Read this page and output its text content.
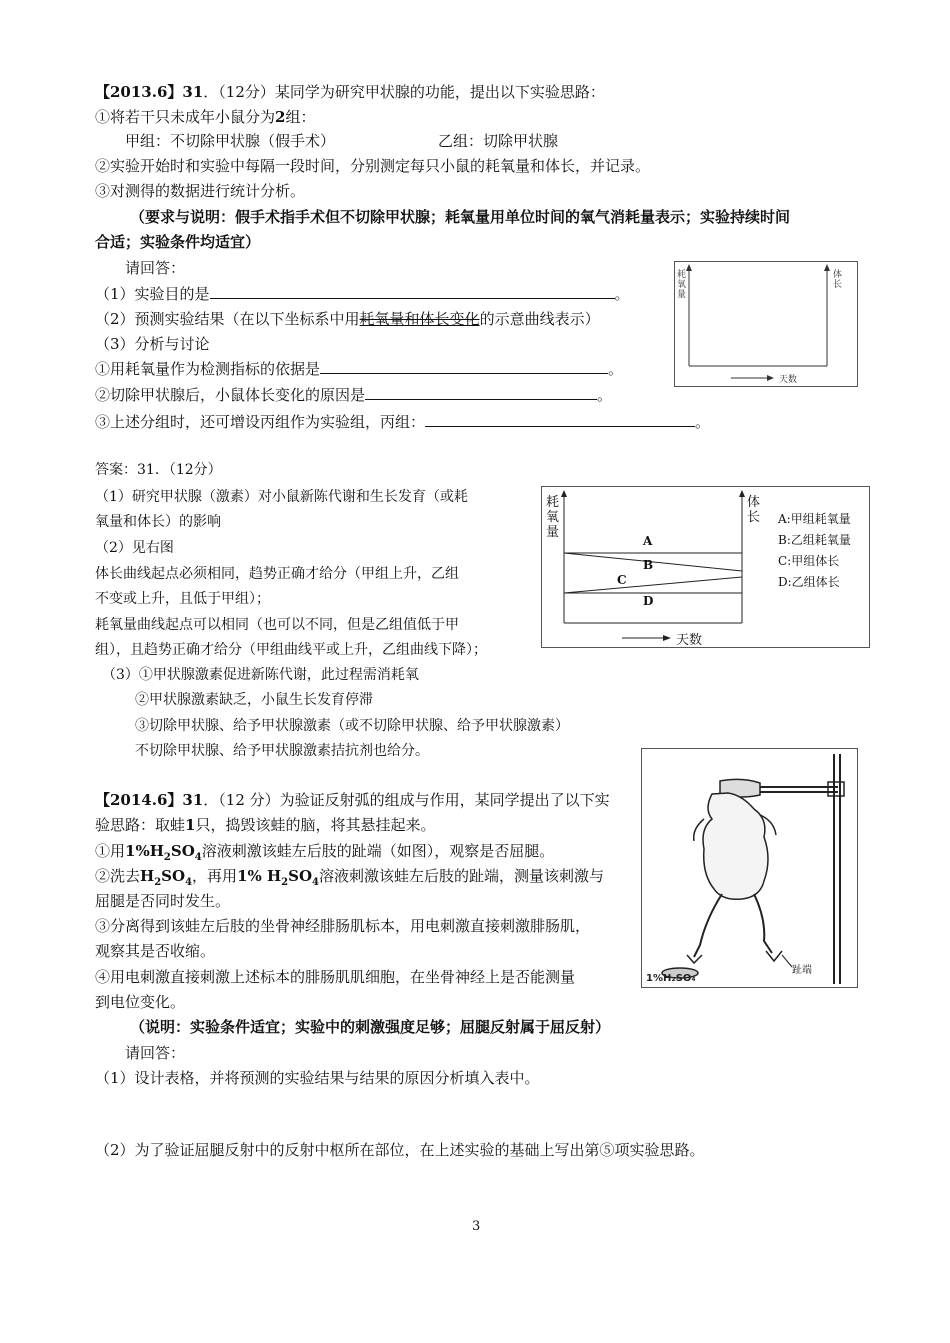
【2013.6】31．（12分）某同学为研究甲状腺的功能，提出以下实验思路：
①将若干只未成年小鼠分为2组：
甲组：不切除甲状腺（假手术）	乙组：切除甲状腺
②实验开始时和实验中每隔一段时间，分别测定每只小鼠的耗氧量和体长，并记录。
③对测得的数据进行统计分析。
（要求与说明：假手术指手术但不切除甲状腺；耗氧量用单位时间的氧气消耗量表示；实验持续时间
合适；实验条件均适宜）
请回答：
（1）实验目的是	。
（2）预测实验结果（在以下坐标系中用耗氧量和体长变化的示意曲线表示）
（3）分析与讨论
①用耗氧量作为检测指标的依据是	。
②切除甲状腺后，小鼠体长变化的原因是	。
③上述分组时，还可增设丙组作为实验组，丙组：	。
耗氧量
体长
天数
答案：31．（12分）
（1）研究甲状腺（激素）对小鼠新陈代谢和生长发育（或耗
氧量和体长）的影响
（2）见右图
体长曲线起点必须相同，趋势正确才给分（甲组上升，乙组
不变或上升，且低于甲组）；
耗氧量曲线起点可以相同（也可以不同，但是乙组值低于甲
组），且趋势正确才给分（甲组曲线平或上升，乙组曲线下降）；
（3）①甲状腺激素促进新陈代谢，此过程需消耗氧
②甲状腺激素缺乏，小鼠生长发育停滞
③切除甲状腺、给予甲状腺激素（或不切除甲状腺、给予甲状腺激素）
不切除甲状腺、给予甲状腺激素拮抗剂也给分。
耗氧量
体长
A
B
C
D
A:甲组耗氧量
B:乙组耗氧量
C:甲组体长
D:乙组体长
天数
【2014.6】31．（12 分）为验证反射弧的组成与作用，某同学提出了以下实
验思路：取蛙1只，捣毁该蛙的脑，将其悬挂起来。
①用$1\%H_2SO_4$溶液刺激该蛙左后肢的趾端（如图），观察是否屈腿。
②洗去$H_2SO_4$，再用1% $H_2SO_4$溶液刺激该蛙左后肢的趾端，测量该刺激与
屈腿是否同时发生。
③分离得到该蛙左后肢的坐骨神经腓肠肌标本，用电刺激直接刺激腓肠肌，
观察其是否收缩。
④用电刺激直接刺激上述标本的腓肠肌肌细胞，在坐骨神经上是否能测量
到电位变化。
（说明：实验条件适宜；实验中的刺激强度足够；屈腿反射属于屈反射）
请回答：
（1）设计表格，并将预测的实验结果与结果的原因分析填入表中。
（2）为了验证屈腿反射中的反射中枢所在部位，在上述实验的基础上写出第⑤项实验思路。
1%H₂SO₄
趾端
3
